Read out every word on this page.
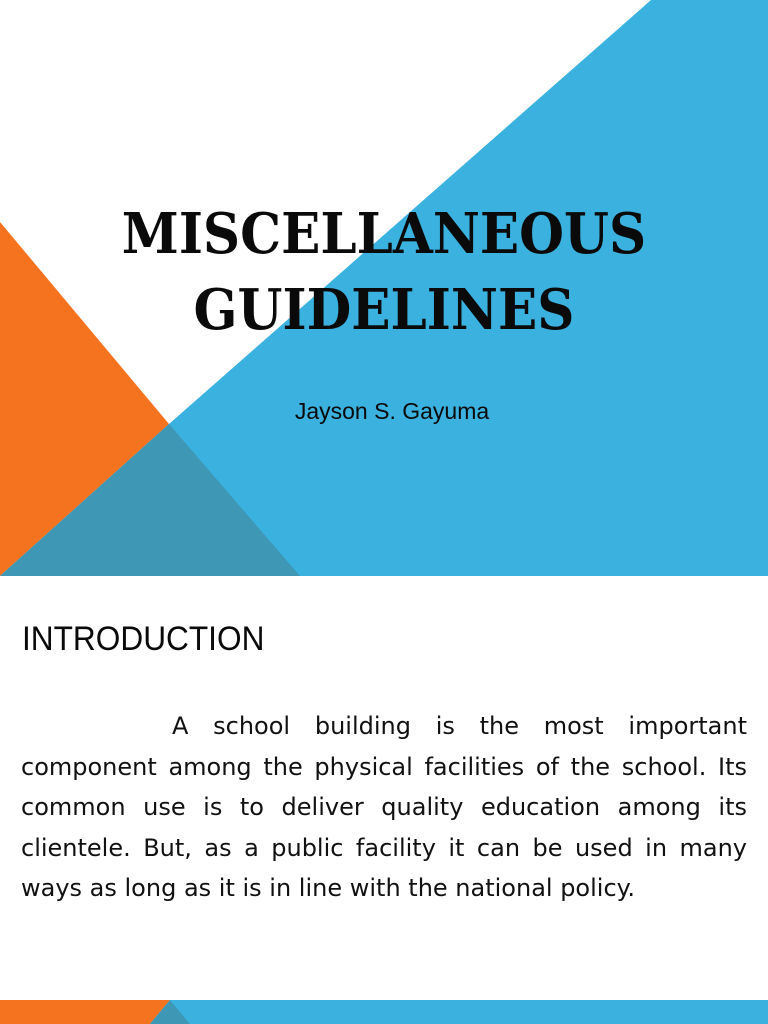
MISCELLANEOUS GUIDELINES
Jayson S. Gayuma
INTRODUCTION

A school building is the most important component among the physical facilities of the school. Its common use is to deliver quality education among its clientele. But, as a public facility it can be used in many ways as long as it is in line with the national policy.
